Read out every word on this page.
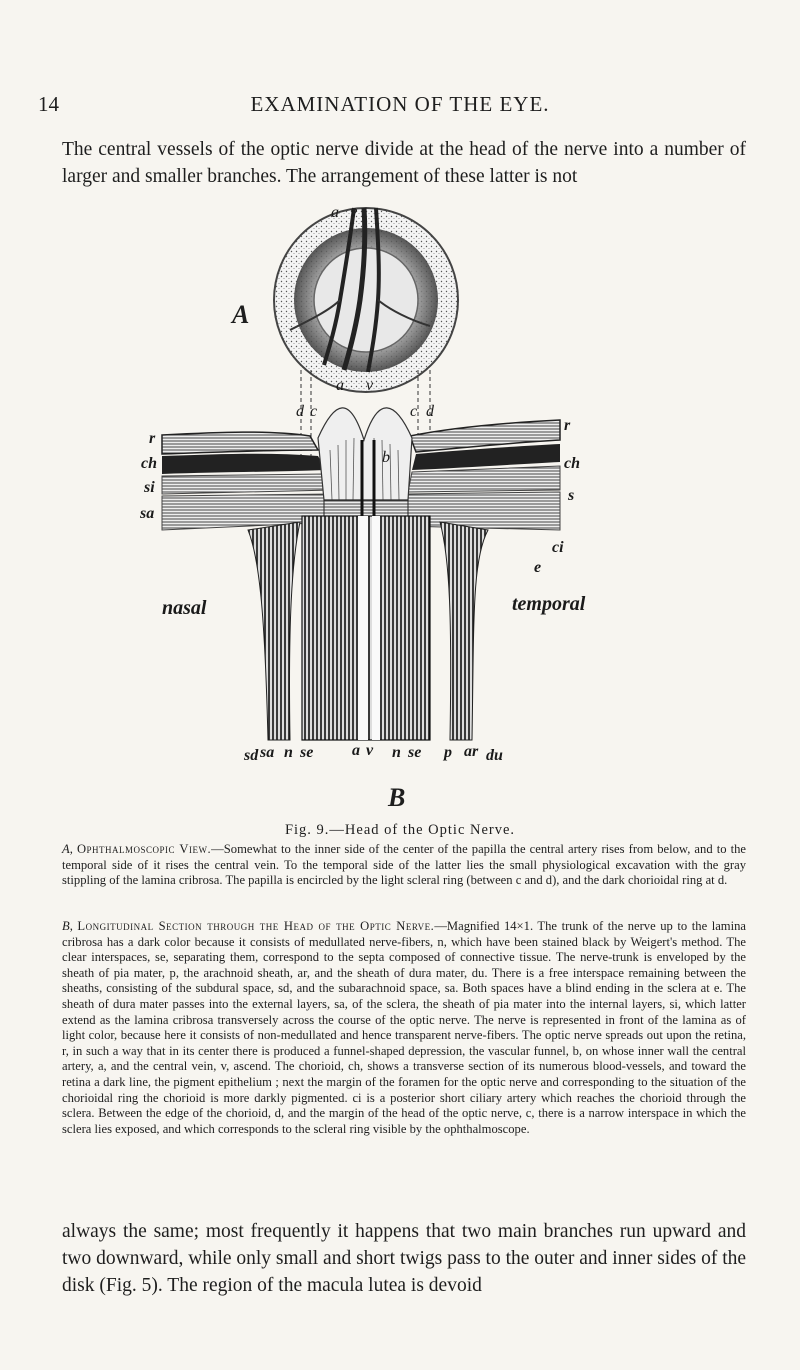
14	EXAMINATION OF THE EYE.
The central vessels of the optic nerve divide at the head of the nerve into a number of larger and smaller branches. The arrangement of these latter is not
a v
d c
a v
c d
r
ch
si
sa
b
r
ch
s
ci
e
nasal	temporal
sd sa n se a v n se p ar du
A
B
Fig. 9.—Head of the Optic Nerve.
A, Ophthalmoscopic View.—Somewhat to the inner side of the center of the papilla the central artery rises from below, and to the temporal side of it rises the central vein. To the temporal side of the latter lies the small physiological excavation with the gray stippling of the lamina cribrosa. The papilla is encircled by the light scleral ring (between c and d), and the dark chorioidal ring at d.
B, Longitudinal Section through the Head of the Optic Nerve.—Magnified 14×1. The trunk of the nerve up to the lamina cribrosa has a dark color because it consists of medullated nerve-fibers, n, which have been stained black by Weigert's method. The clear interspaces, se, separating them, correspond to the septa composed of connective tissue. The nerve-trunk is enveloped by the sheath of pia mater, p, the arachnoid sheath, ar, and the sheath of dura mater, du. There is a free interspace remaining between the sheaths, consisting of the subdural space, sd, and the subarachnoid space, sa. Both spaces have a blind ending in the sclera at e. The sheath of dura mater passes into the external layers, sa, of the sclera, the sheath of pia mater into the internal layers, si, which latter extend as the lamina cribrosa transversely across the course of the optic nerve. The nerve is represented in front of the lamina as of light color, because here it consists of non-medullated and hence transparent nerve-fibers. The optic nerve spreads out upon the retina, r, in such a way that in its center there is produced a funnel-shaped depression, the vascular funnel, b, on whose inner wall the central artery, a, and the central vein, v, ascend. The chorioid, ch, shows a transverse section of its numerous blood-vessels, and toward the retina a dark line, the pigment epithelium ; next the margin of the foramen for the optic nerve and corresponding to the situation of the chorioidal ring the chorioid is more darkly pigmented. ci is a posterior short ciliary artery which reaches the chorioid through the sclera. Between the edge of the chorioid, d, and the margin of the head of the optic nerve, c, there is a narrow interspace in which the sclera lies exposed, and which corresponds to the scleral ring visible by the ophthalmoscope.
always the same; most frequently it happens that two main branches run upward and two downward, while only small and short twigs pass to the outer and inner sides of the disk (Fig. 5). The region of the macula lutea is devoid
